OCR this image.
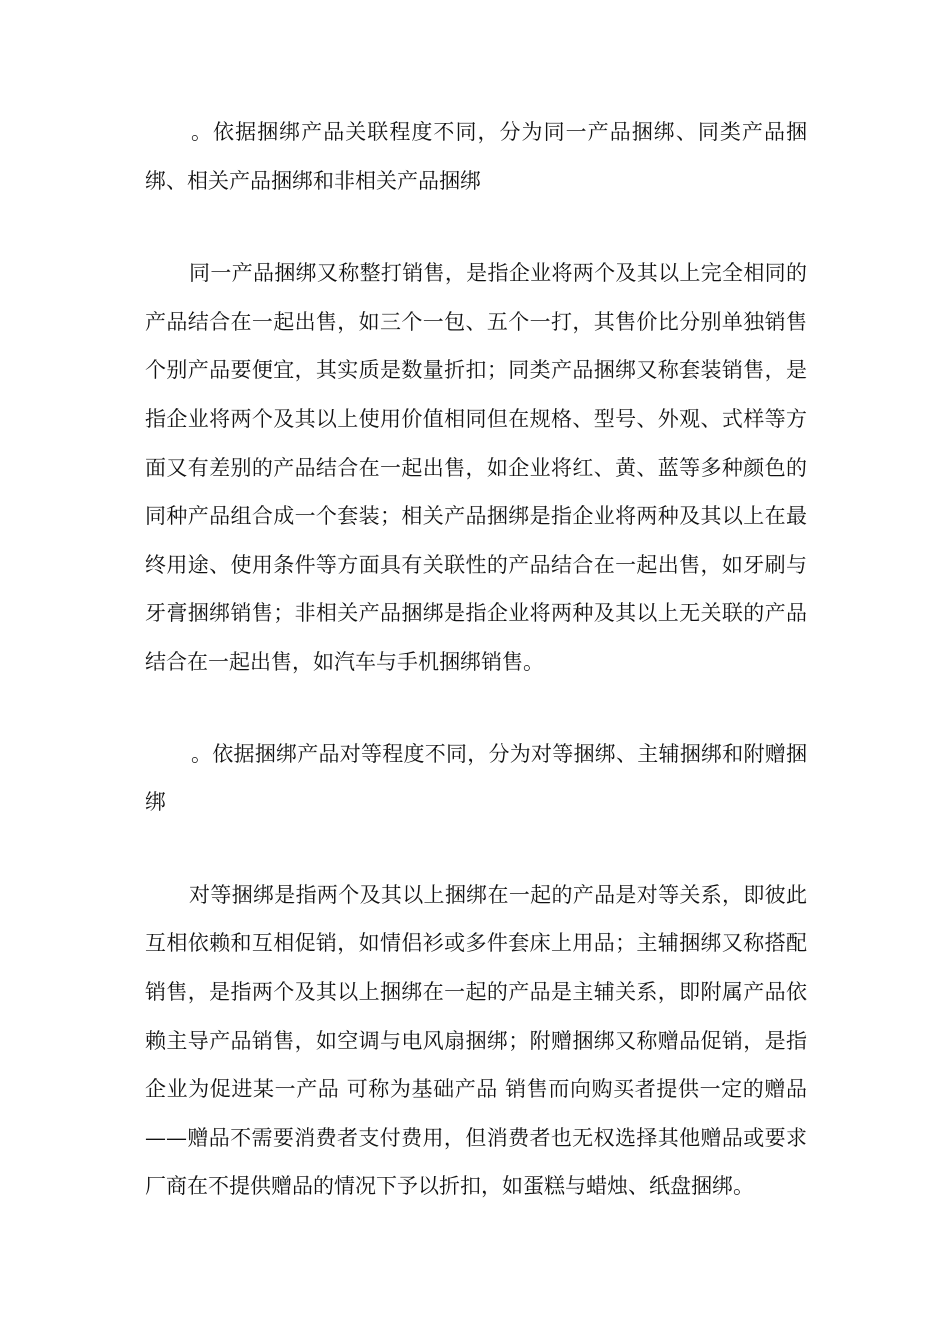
。依据捆绑产品关联程度不同，分为同一产品捆绑、同类产品捆绑、相关产品捆绑和非相关产品捆绑

同一产品捆绑又称整打销售，是指企业将两个及其以上完全相同的产品结合在一起出售，如三个一包、五个一打，其售价比分别单独销售个别产品要便宜，其实质是数量折扣；同类产品捆绑又称套装销售，是指企业将两个及其以上使用价值相同但在规格、型号、外观、式样等方面又有差别的产品结合在一起出售，如企业将红、黄、蓝等多种颜色的同种产品组合成一个套装；相关产品捆绑是指企业将两种及其以上在最终用途、使用条件等方面具有关联性的产品结合在一起出售，如牙刷与牙膏捆绑销售；非相关产品捆绑是指企业将两种及其以上无关联的产品结合在一起出售，如汽车与手机捆绑销售。

。依据捆绑产品对等程度不同，分为对等捆绑、主辅捆绑和附赠捆绑

对等捆绑是指两个及其以上捆绑在一起的产品是对等关系，即彼此互相依赖和互相促销，如情侣衫或多件套床上用品；主辅捆绑又称搭配销售，是指两个及其以上捆绑在一起的产品是主辅关系，即附属产品依赖主导产品销售，如空调与电风扇捆绑；附赠捆绑又称赠品促销，是指企业为促进某一产品 可称为基础产品 销售而向购买者提供一定的赠品——赠品不需要消费者支付费用，但消费者也无权选择其他赠品或要求厂商在不提供赠品的情况下予以折扣，如蛋糕与蜡烛、纸盘捆绑。
